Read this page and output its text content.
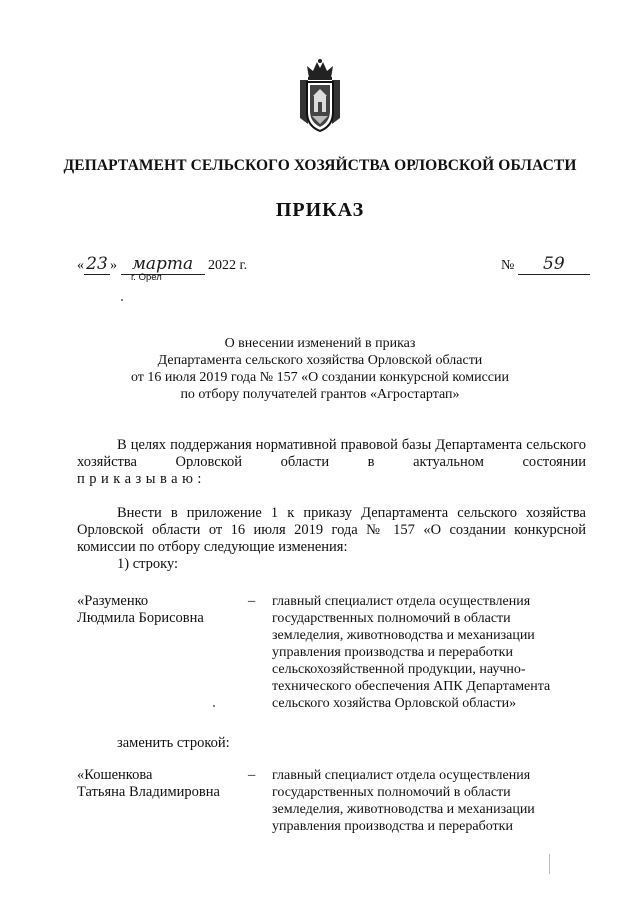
ДЕПАРТАМЕНТ СЕЛЬСКОГО ХОЗЯЙСТВА ОРЛОВСКОЙ ОБЛАСТИ
ПРИКАЗ
« 23 » марта 2022 г.
г. Орел
№ 59
О внесении изменений в приказ
Департамента сельского хозяйства Орловской области
от 16 июля 2019 года № 157 «О создании конкурсной комиссии
по отбору получателей грантов «Агростартап»
В целях поддержания нормативной правовой базы Департамента сельского хозяйства Орловской области в актуальном состоянии
приказываю:
Внести в приложение 1 к приказу Департамента сельского хозяйства Орловской области от 16 июля 2019 года № 157 «О создании конкурсной комиссии по отбору следующие изменения:
1) строку:
«Разуменко
Людмила Борисовна
– главный специалист отдела осуществления
государственных полномочий в области
земледелия, животноводства и механизации
управления производства и переработки
сельскохозяйственной продукции, научно-
технического обеспечения АПК Департамента
сельского хозяйства Орловской области»
заменить строкой:
«Кошенкова
Татьяна Владимировна
– главный специалист отдела осуществления
государственных полномочий в области
земледелия, животноводства и механизации
управления производства и переработки
